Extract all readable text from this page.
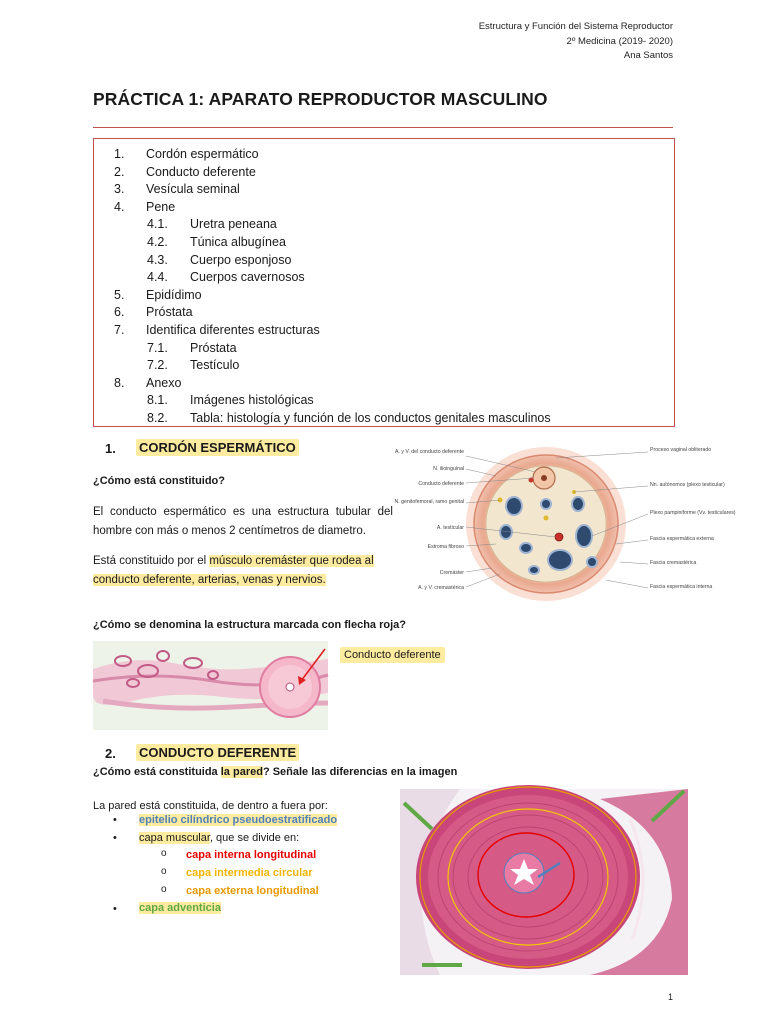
Estructura y Función del Sistema Reproductor
2º Medicina (2019- 2020)
Ana Santos
PRÁCTICA 1: APARATO REPRODUCTOR MASCULINO
1.	Cordón espermático
2.	Conducto deferente
3.	Vesícula seminal
4.	Pene
4.1.	Uretra peneana
4.2.	Túnica albugínea
4.3.	Cuerpo esponjoso
4.4.	Cuerpos cavernosos
5.	Epidídimo
6.	Próstata
7.	Identifica diferentes estructuras
7.1.	Próstata
7.2.	Testículo
8.	Anexo
8.1.	Imágenes histológicas
8.2.	Tabla: histología y función de los conductos genitales masculinos
1. CORDÓN ESPERMÁTICO
¿Cómo está constituido?
El conducto espermático es una estructura tubular del
hombre con más o menos 2 centímetros de diametro.
Está constituido por el músculo cremáster que rodea al
conducto deferente, arterias, venas y nervios.
¿Cómo se denomina la estructura marcada con flecha roja?
A. y V. del conducto deferente
N. ilioinguinal
Conducto deferente
N. genitofemoral, ramo genital
A. testicular
Estroma fibroso
Cremáster
A. y V. cremastérica
Proceso vaginal obliterado
Nn. autónomos (plexo testicular)
Plexo pampiniforme (Vv. testiculares)
Fascia espermática externa
Fascia cremastérica
Fascia espermática interna
Conducto deferente
2. CONDUCTO DEFERENTE
¿Cómo está constituida la pared? Señale las diferencias en la imagen
La pared está constituida, de dentro a fuera por:
• epitelio cilíndrico pseudoestratificado
• capa muscular, que se divide en:
o capa interna longitudinal
o capa intermedia circular
o capa externa longitudinal
• capa adventicia
1
